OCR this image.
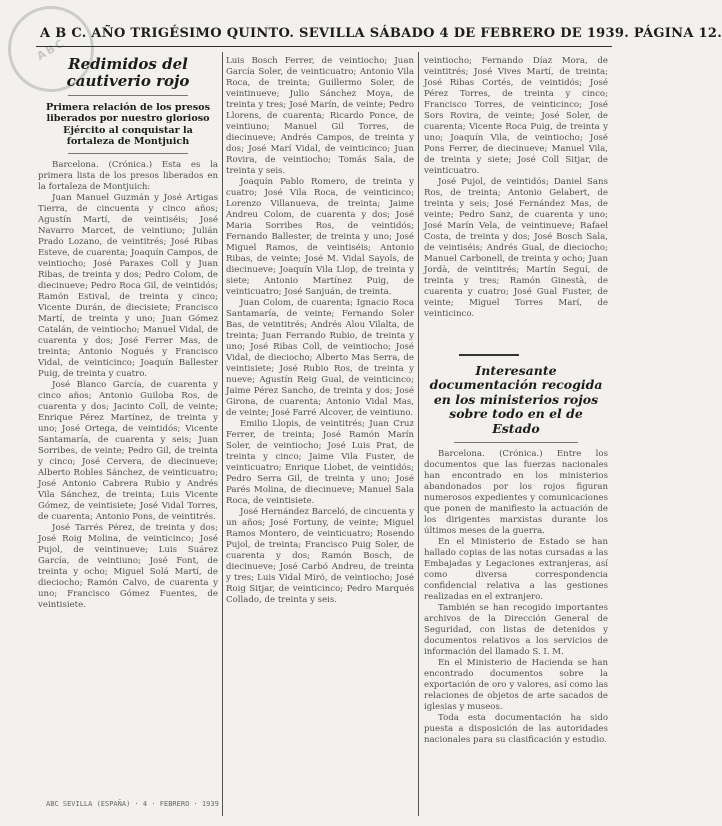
ABC
A B C. AÑO TRIGÉSIMO QUINTO. SEVILLA SÁBADO 4 DE FEBRERO DE 1939. PÁGINA 12.
Redimidos del cautiverio rojo
Primera relación de los presos liberados por nuestro glorioso Ejército al conquistar la fortaleza de Montjuich

Barcelona. (Crónica.) Esta es la primera lista de los presos liberados en la fortaleza de Montjuich:

Juan Manuel Guzmán y José Artigas Tierra, de cincuenta y cinco años; Agustín Martí, de veintiséis; José Navarro Marcet, de veintiuno; Julián Prado Lozano, de veintitrés; José Ribas Esteve, de cuarenta; Joaquín Campos, de veintiocho; José Paraxes Coll y Juan Ribas, de treinta y dos; Pedro Colom, de diecinueve; Pedro Roca Gil, de veintidós; Ramón Estival, de treinta y cinco; Vicente Durán, de diecisiete; Francisco Martí, de treinta y uno; Juan Gómez Catalán, de veintiocho; Manuel Vidal, de cuarenta y dos; José Ferrer Mas, de treinta; Antonio Nogués y Francisco Vidal, de veinticinco; Joaquín Ballester Puig, de treinta y cuatro.

José Blanco García, de cuarenta y cinco años; Antonio Guiloba Ros, de cuarenta y dos; Jacinto Coll, de veinte; Enrique Pérez Martínez, de treinta y uno; José Ortega, de veintidós; Vicente Santamaría, de cuarenta y seis; Juan Sorribes, de veinte; Pedro Gil, de treinta y cinco; José Cervera, de diecinueve; Alberto Robles Sánchez, de veinticuatro; José Antonio Cabrera Rubio y Andrés Vila Sánchez, de treinta; Luis Vicente Gómez, de veintisiete; José Vidal Torres, de cuarenta; Antonio Pons, de veintitrés.

José Tarrés Pérez, de treinta y dos; José Roig Molina, de veinticinco; José Pujol, de veintinueve; Luis Suárez García, de veintiuno; José Font, de treinta y ocho; Miguel Solá Martí, de dieciocho; Ramón Calvo, de cuarenta y uno; Francisco Gómez Fuentes, de veintisiete.

Luis Bosch Ferrer, de veintiocho; Juan García Soler, de veinticuatro; Antonio Vila Roca, de treinta; Guillermo Soler, de veintinueve; Julio Sánchez Moya, de treinta y tres; José Marín, de veinte; Pedro Llorens, de cuarenta; Ricardo Ponce, de veintiuno; Manuel Gil Torres, de diecinueve; Andrés Campos, de treinta y dos; José Marí Vidal, de veinticinco; Juan Rovira, de veintiocho; Tomás Sala, de treinta y seis.

Joaquín Pablo Romero, de treinta y cuatro; José Vila Roca, de veinticinco; Lorenzo Villanueva, de treinta; Jaime Andreu Colom, de cuarenta y dos; José Maria Sorribes Ros, de veintidós; Fernando Ballester, de treinta y uno; José Miguel Ramos, de veintiséis; Antonio Ribas, de veinte; José M. Vidal Sayols, de diecinueve; Joaquín Vila Llop, de treinta y siete; Antonio Martínez Puig, de veinticuatro; José Sanjuán, de treinta.

Juan Colom, de cuarenta; Ignacio Roca Santamaría, de veinte; Fernando Soler Bas, de veintitrés; Andrés Alou Vilalta, de treinta; Juan Ferrando Rubio, de treinta y uno; José Ribas Coll, de veintiocho; José Vidal, de dieciocho; Alberto Mas Serra, de veintisiete; José Rubio Ros, de treinta y nueve; Agustín Reig Gual, de veinticinco; Jaime Pérez Sancho, de treinta y dos; José Girona, de cuarenta; Antonio Vidal Mas, de veinte; José Farré Alcover, de veintiuno.

Emilio Llopis, de veintitrés; Juan Cruz Ferrer, de treinta; José Ramón Marín Soler, de veintiocho; José Luis Prat, de treinta y cinco; Jaime Vila Fuster, de veinticuatro; Enrique Llobet, de veintidós; Pedro Serra Gil, de treinta y uno; José Parés Molina, de diecinueve; Manuel Sala Roca, de veintisiete.

José Hernández Barceló, de cincuenta y un años; José Fortuny, de veinte; Miguel Ramos Montero, de veinticuatro; Rosendo Pujol, de treinta; Francisco Puig Soler, de cuarenta y dos; Ramón Bosch, de diecinueve; José Carbó Andreu, de treinta y tres; Luis Vidal Miró, de veintiocho; José Roig Sitjar, de veinticinco; Pedro Marqués Collado, de treinta y seis.

veintiocho; Fernando Díaz Mora, de veintitrés; José Vives Martí, de treinta; José Ribas Cortés, de veintidós; José Pérez Torres, de treinta y cinco; Francisco Torres, de veinticinco; José Sors Rovira, de veinte; José Soler, de cuarenta; Vicente Roca Puig, de treinta y uno; Joaquín Vila, de veintiocho; José Pons Ferrer, de diecinueve; Manuel Vila, de treinta y siete; José Coll Sitjar, de veinticuatro.

José Pujol, de veintidós; Daniel Sans Ros, de treinta; Antonio Gelabert, de treinta y seis; José Fernández Mas, de veinte; Pedro Sanz, de cuarenta y uno; José Marín Vela, de veintinueve; Rafael Costa, de treinta y dos; José Bosch Sala, de veintiséis; Andrés Gual, de dieciocho; Manuel Carbonell, de treinta y ocho; Juan Jordà, de veintitrés; Martín Seguí, de treinta y tres; Ramón Ginestà, de cuarenta y cuatro; José Gual Fuster, de veinte; Miguel Torres Marí, de veinticinco.

Interesante documentación recogida en los ministerios rojos sobre todo en el de Estado

Barcelona. (Crónica.) Entre los documentos que las fuerzas nacionales han encontrado en los ministerios abandonados por los rojos figuran numerosos expedientes y comunicaciones que ponen de manifiesto la actuación de los dirigentes marxistas durante los últimos meses de la guerra.

En el Ministerio de Estado se han hallado copias de las notas cursadas a las Embajadas y Legaciones extranjeras, así como diversa correspondencia confidencial relativa a las gestiones realizadas en el extranjero.

También se han recogido importantes archivos de la Dirección General de Seguridad, con listas de detenidos y documentos relativos a los servicios de información del llamado S. I. M.

En el Ministerio de Hacienda se han encontrado documentos sobre la exportación de oro y valores, así como las relaciones de objetos de arte sacados de iglesias y museos.

Toda esta documentación ha sido puesta a disposición de las autoridades nacionales para su clasificación y estudio.

ABC SEVILLA (ESPAÑA) · 4 · FEBRERO · 1939
